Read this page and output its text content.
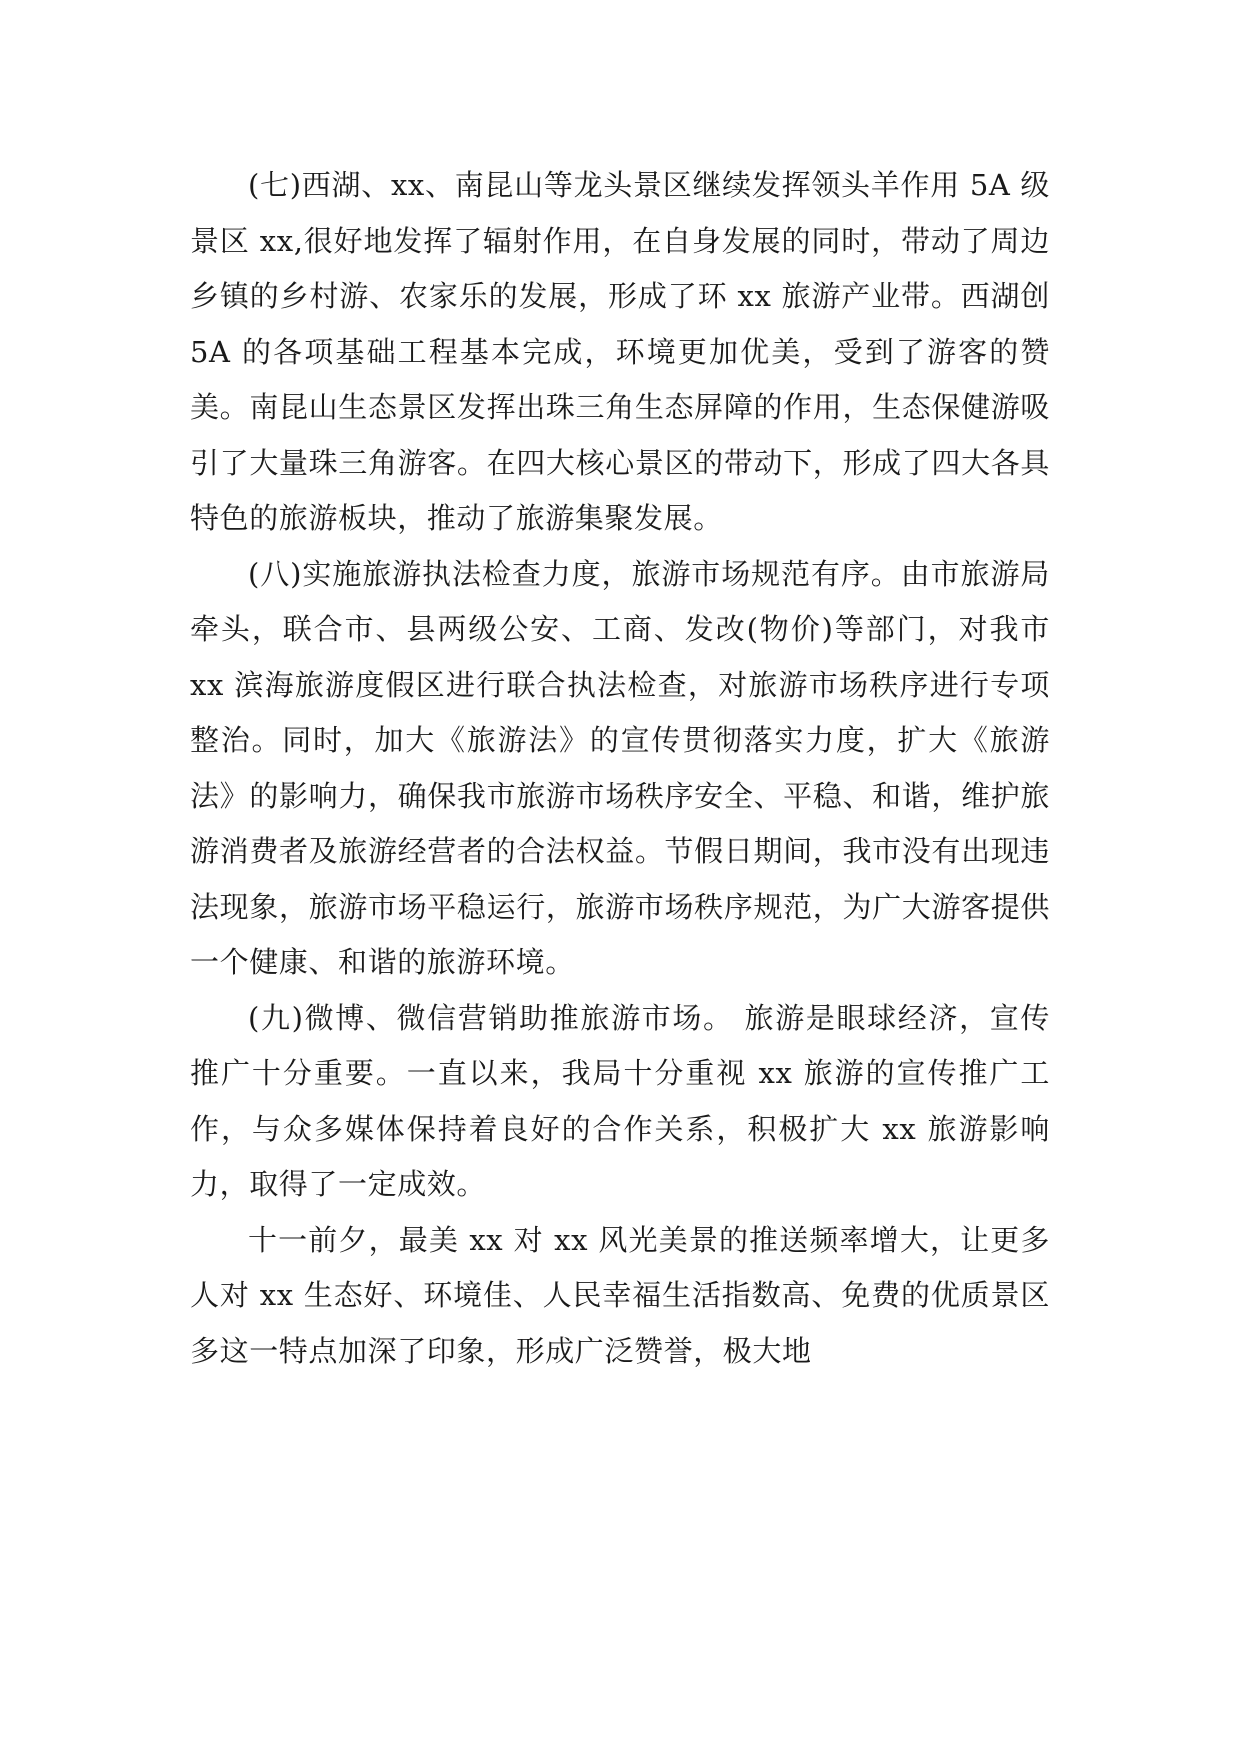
(七)西湖、xx、南昆山等龙头景区继续发挥领头羊作用 5A 级景区 xx,很好地发挥了辐射作用，在自身发展的同时，带动了周边乡镇的乡村游、农家乐的发展，形成了环 xx 旅游产业带。西湖创 5A 的各项基础工程基本完成，环境更加优美，受到了游客的赞美。南昆山生态景区发挥出珠三角生态屏障的作用，生态保健游吸引了大量珠三角游客。在四大核心景区的带动下，形成了四大各具特色的旅游板块，推动了旅游集聚发展。

(八)实施旅游执法检查力度，旅游市场规范有序。由市旅游局牵头，联合市、县两级公安、工商、发改(物价)等部门，对我市 xx 滨海旅游度假区进行联合执法检查，对旅游市场秩序进行专项整治。同时，加大《旅游法》的宣传贯彻落实力度，扩大《旅游法》的影响力，确保我市旅游市场秩序安全、平稳、和谐，维护旅游消费者及旅游经营者的合法权益。节假日期间，我市没有出现违法现象，旅游市场平稳运行，旅游市场秩序规范，为广大游客提供一个健康、和谐的旅游环境。

(九)微博、微信营销助推旅游市场。 旅游是眼球经济，宣传推广十分重要。一直以来，我局十分重视 xx 旅游的宣传推广工作，与众多媒体保持着良好的合作关系，积极扩大 xx 旅游影响力，取得了一定成效。

十一前夕，最美 xx 对 xx 风光美景的推送频率增大，让更多人对 xx 生态好、环境佳、人民幸福生活指数高、免费的优质景区多这一特点加深了印象，形成广泛赞誉，极大地
